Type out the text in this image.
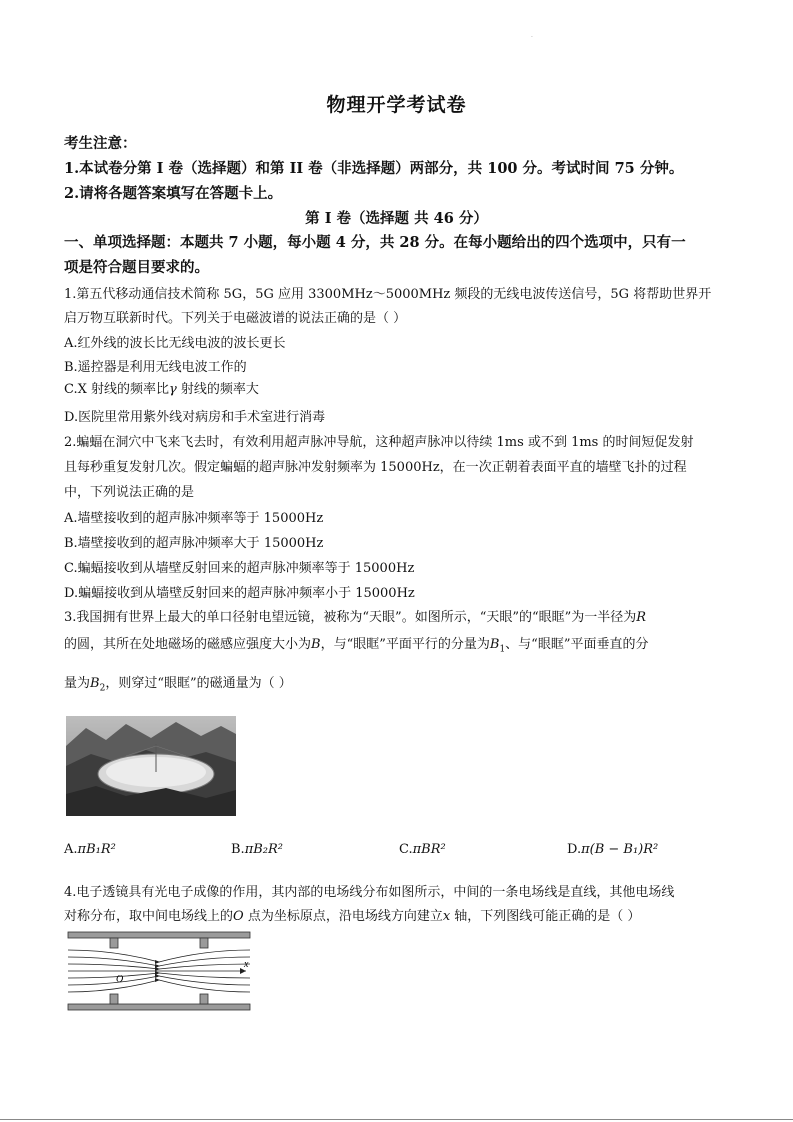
·
物理开学考试卷
考生注意：
1.本试卷分第 I 卷（选择题）和第 II 卷（非选择题）两部分，共 100 分。考试时间 75 分钟。
2.请将各题答案填写在答题卡上。
第 I 卷（选择题 共 46 分）
一、单项选择题：本题共 7 小题，每小题 4 分，共 28 分。在每小题给出的四个选项中，只有一
项是符合题目要求的。
1.第五代移动通信技术简称 5G，5G 应用 3300MHz～5000MHz 频段的无线电波传送信号，5G 将帮助世界开
启万物互联新时代。下列关于电磁波谱的说法正确的是（ ）
A.红外线的波长比无线电波的波长更长
B.遥控器是利用无线电波工作的
C.X 射线的频率比γ 射线的频率大
D.医院里常用紫外线对病房和手术室进行消毒
2.蝙蝠在洞穴中飞来飞去时，有效利用超声脉冲导航，这种超声脉冲以待续 1ms 或不到 1ms 的时间短促发射
且每秒重复发射几次。假定蝙蝠的超声脉冲发射频率为 15000Hz，在一次正朝着表面平直的墙壁飞扑的过程
中，下列说法正确的是
A.墙壁接收到的超声脉冲频率等于 15000Hz
B.墙壁接收到的超声脉冲频率大于 15000Hz
C.蝙蝠接收到从墙壁反射回来的超声脉冲频率等于 15000Hz
D.蝙蝠接收到从墙壁反射回来的超声脉冲频率小于 15000Hz
3.我国拥有世界上最大的单口径射电望远镜，被称为“天眼”。如图所示，“天眼”的“眼眶”为一半径为R
的圆，其所在处地磁场的磁感应强度大小为B，与“眼眶”平面平行的分量为$B_1$、与“眼眶”平面垂直的分
量为$B_2$，则穿过“眼眶”的磁通量为（ ）
A.πB₁R²	B.πB₂R²	C.πBR²	D.π(B − B₁)R²
4.电子透镜具有光电子成像的作用，其内部的电场线分布如图所示，中间的一条电场线是直线，其他电场线
对称分布，取中间电场线上的O 点为坐标原点，沿电场线方向建立x 轴，下列图线可能正确的是（ ）
O
x
